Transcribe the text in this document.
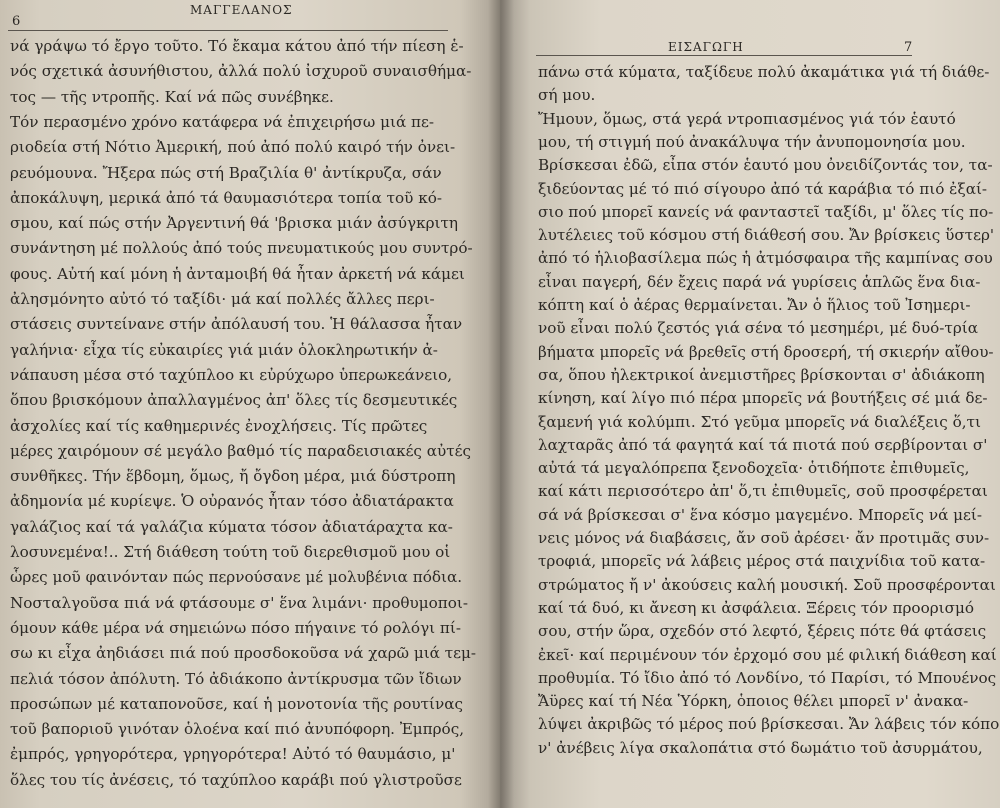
6
ΜΑΓΓΕΛΑΝΟΣ
νά γράψω τό ἔργο τοῦτο. Τό ἔκαμα κάτου ἀπό τήν πίεση ἑ-
νός σχετικά ἀσυνήθιστου, ἀλλά πολύ ἰσχυροῦ συναισθήμα-
τος — τῆς ντροπῆς. Καί νά πῶς συνέβηκε.
Τόν περασμένο χρόνο κατάφερα νά ἐπιχειρήσω μιά πε-
ριοδεία στή Νότιο Ἀμερική, πού ἀπό πολύ καιρό τήν ὀνει-
ρευόμουνα. Ἤξερα πώς στή Βραζιλία θ' ἀντίκρυζα, σάν
ἀποκάλυψη, μερικά ἀπό τά θαυμασιότερα τοπία τοῦ κό-
σμου, καί πώς στήν Ἀργεντινή θά 'βρισκα μιάν ἀσύγκριτη
συνάντηση μέ πολλούς ἀπό τούς πνευματικούς μου συντρό-
φους. Αὐτή καί μόνη ἡ ἀνταμοιβή θά ἦταν ἀρκετή νά κάμει
ἀλησμόνητο αὐτό τό ταξίδι· μά καί πολλές ἄλλες περι-
στάσεις συντείνανε στήν ἀπόλαυσή του. Ἡ θάλασσα ἦταν
γαλήνια· εἶχα τίς εὐκαιρίες γιά μιάν ὁλοκληρωτικήν ἀ-
νάπαυση μέσα στό ταχύπλοο κι εὐρύχωρο ὑπερωκεάνειο,
ὅπου βρισκόμουν ἀπαλλαγμένος ἀπ' ὅλες τίς δεσμευτικές
ἀσχολίες καί τίς καθημερινές ἐνοχλήσεις. Τίς πρῶτες
μέρες χαιρόμουν σέ μεγάλο βαθμό τίς παραδεισιακές αὐτές
συνθῆκες. Τήν ἕβδομη, ὅμως, ἤ ὄγδοη μέρα, μιά δύστροπη
ἀδημονία μέ κυρίεψε. Ὁ οὐρανός ἦταν τόσο ἀδιατάρακτα
γαλάζιος καί τά γαλάζια κύματα τόσον ἀδιατάραχτα κα-
λοσυνεμένα!.. Στή διάθεση τούτη τοῦ διερεθισμοῦ μου οἱ
ὧρες μοῦ φαινόνταν πώς περνούσανε μέ μολυβένια πόδια.
Νοσταλγοῦσα πιά νά φτάσουμε σ' ἕνα λιμάνι· προθυμοποι-
όμουν κάθε μέρα νά σημειώνω πόσο πήγαινε τό ρολόγι πί-
σω κι εἶχα ἀηδιάσει πιά πού προσδοκοῦσα νά χαρῶ μιά τεμ-
πελιά τόσον ἀπόλυτη. Τό ἀδιάκοπο ἀντίκρυσμα τῶν ἴδιων
προσώπων μέ καταπονοῦσε, καί ἡ μονοτονία τῆς ρουτίνας
τοῦ βαποριοῦ γινόταν ὁλοένα καί πιό ἀνυπόφορη. Ἐμπρός,
ἐμπρός, γρηγορότερα, γρηγορότερα! Αὐτό τό θαυμάσιο, μ'
ὅλες του τίς ἀνέσεις, τό ταχύπλοο καράβι πού γλιστροῦσε
ΕΙΣΑΓΩΓΗ	7
πάνω στά κύματα, ταξίδευε πολύ ἀκαμάτικα γιά τή διάθε-
σή μου.
Ἤμουν, ὅμως, στά γερά ντροπιασμένος γιά τόν ἑαυτό
μου, τή στιγμή πού ἀνακάλυψα τήν ἀνυπομονησία μου.
Βρίσκεσαι ἐδῶ, εἶπα στόν ἑαυτό μου ὀνειδίζοντάς τον, τα-
ξιδεύοντας μέ τό πιό σίγουρο ἀπό τά καράβια τό πιό ἐξαί-
σιο πού μπορεῖ κανείς νά φανταστεῖ ταξίδι, μ' ὅλες τίς πο-
λυτέλειες τοῦ κόσμου στή διάθεσή σου. Ἄν βρίσκεις ὕστερ'
ἀπό τό ἡλιοβασίλεμα πώς ἡ ἀτμόσφαιρα τῆς καμπίνας σου
εἶναι παγερή, δέν ἔχεις παρά νά γυρίσεις ἁπλῶς ἕνα δια-
κόπτη καί ὁ ἀέρας θερμαίνεται. Ἄν ὁ ἥλιος τοῦ Ἰσημερι-
νοῦ εἶναι πολύ ζεστός γιά σένα τό μεσημέρι, μέ δυό-τρία
βήματα μπορεῖς νά βρεθεῖς στή δροσερή, τή σκιερήν αἴθου-
σα, ὅπου ἠλεκτρικοί ἀνεμιστῆρες βρίσκονται σ' ἀδιάκοπη
κίνηση, καί λίγο πιό πέρα μπορεῖς νά βουτήξεις σέ μιά δε-
ξαμενή γιά κολύμπι. Στό γεῦμα μπορεῖς νά διαλέξεις ὅ,τι
λαχταρᾶς ἀπό τά φαγητά καί τά πιοτά πού σερβίρονται σ'
αὐτά τά μεγαλόπρεπα ξενοδοχεῖα· ὁτιδήποτε ἐπιθυμεῖς,
καί κάτι περισσότερο ἀπ' ὅ,τι ἐπιθυμεῖς, σοῦ προσφέρεται
σά νά βρίσκεσαι σ' ἕνα κόσμο μαγεμένο. Μπορεῖς νά μεί-
νεις μόνος νά διαβάσεις, ἄν σοῦ ἀρέσει· ἄν προτιμᾶς συν-
τροφιά, μπορεῖς νά λάβεις μέρος στά παιχνίδια τοῦ κατα-
στρώματος ἤ ν' ἀκούσεις καλή μουσική. Σοῦ προσφέρονται
καί τά δυό, κι ἄνεση κι ἀσφάλεια. Ξέρεις τόν προορισμό
σου, στήν ὥρα, σχεδόν στό λεφτό, ξέρεις πότε θά φτάσεις
ἐκεῖ· καί περιμένουν τόν ἐρχομό σου μέ φιλική διάθεση καί
προθυμία. Τό ἴδιο ἀπό τό Λονδίνο, τό Παρίσι, τό Μπουένος
Ἄϋρες καί τή Νέα Ὑόρκη, ὁποιος θέλει μπορεῖ ν' ἀνακα-
λύψει ἀκριβῶς τό μέρος πού βρίσκεσαι. Ἄν λάβεις τόν κόπο
ν' ἀνέβεις λίγα σκαλοπάτια στό δωμάτιο τοῦ ἀσυρμάτου,
